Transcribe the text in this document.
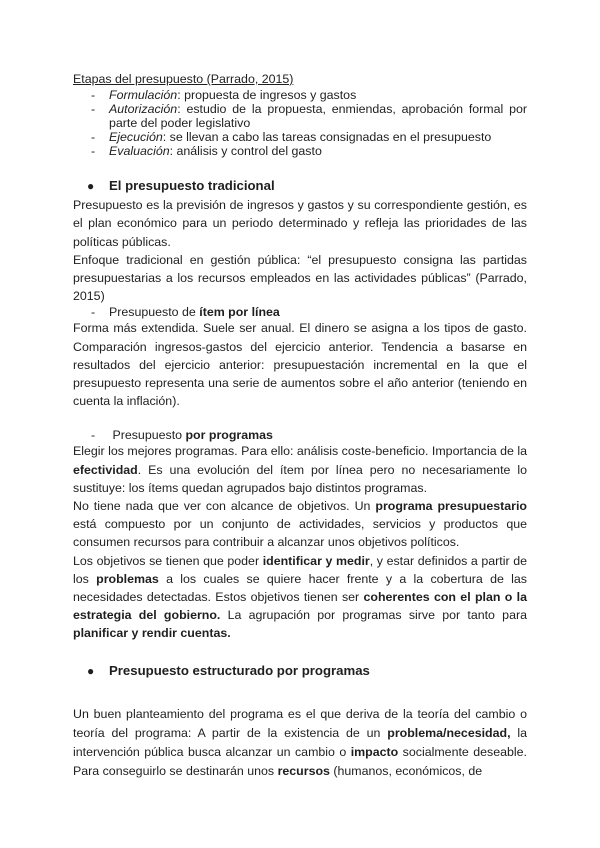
Etapas del presupuesto (Parrado, 2015)

- Formulación: propuesta de ingresos y gastos
- Autorización: estudio de la propuesta, enmiendas, aprobación formal por parte del poder legislativo
- Ejecución: se llevan a cabo las tareas consignadas en el presupuesto
- Evaluación: análisis y control del gasto
● El presupuesto tradicional

Presupuesto es la previsión de ingresos y gastos y su correspondiente gestión, es el plan económico para un periodo determinado y refleja las prioridades de las políticas públicas.

Enfoque tradicional en gestión pública: “el presupuesto consigna las partidas presupuestarias a los recursos empleados en las actividades públicas” (Parrado, 2015)

- Presupuesto de ítem por línea

Forma más extendida. Suele ser anual. El dinero se asigna a los tipos de gasto. Comparación ingresos-gastos del ejercicio anterior. Tendencia a basarse en resultados del ejercicio anterior: presupuestación incremental en la que el presupuesto representa una serie de aumentos sobre el año anterior (teniendo en cuenta la inflación).

- Presupuesto por programas

Elegir los mejores programas. Para ello: análisis coste-beneficio. Importancia de la efectividad. Es una evolución del ítem por línea pero no necesariamente lo sustituye: los ítems quedan agrupados bajo distintos programas.

No tiene nada que ver con alcance de objetivos. Un programa presupuestario está compuesto por un conjunto de actividades, servicios y productos que consumen recursos para contribuir a alcanzar unos objetivos políticos.

Los objetivos se tienen que poder identificar y medir, y estar definidos a partir de los problemas a los cuales se quiere hacer frente y a la cobertura de las necesidades detectadas. Estos objetivos tienen ser coherentes con el plan o la estrategia del gobierno. La agrupación por programas sirve por tanto para planificar y rendir cuentas.

● Presupuesto estructurado por programas

Un buen planteamiento del programa es el que deriva de la teoría del cambio o teoría del programa: A partir de la existencia de un problema/necesidad, la intervención pública busca alcanzar un cambio o impacto socialmente deseable. Para conseguirlo se destinarán unos recursos (humanos, económicos, de
